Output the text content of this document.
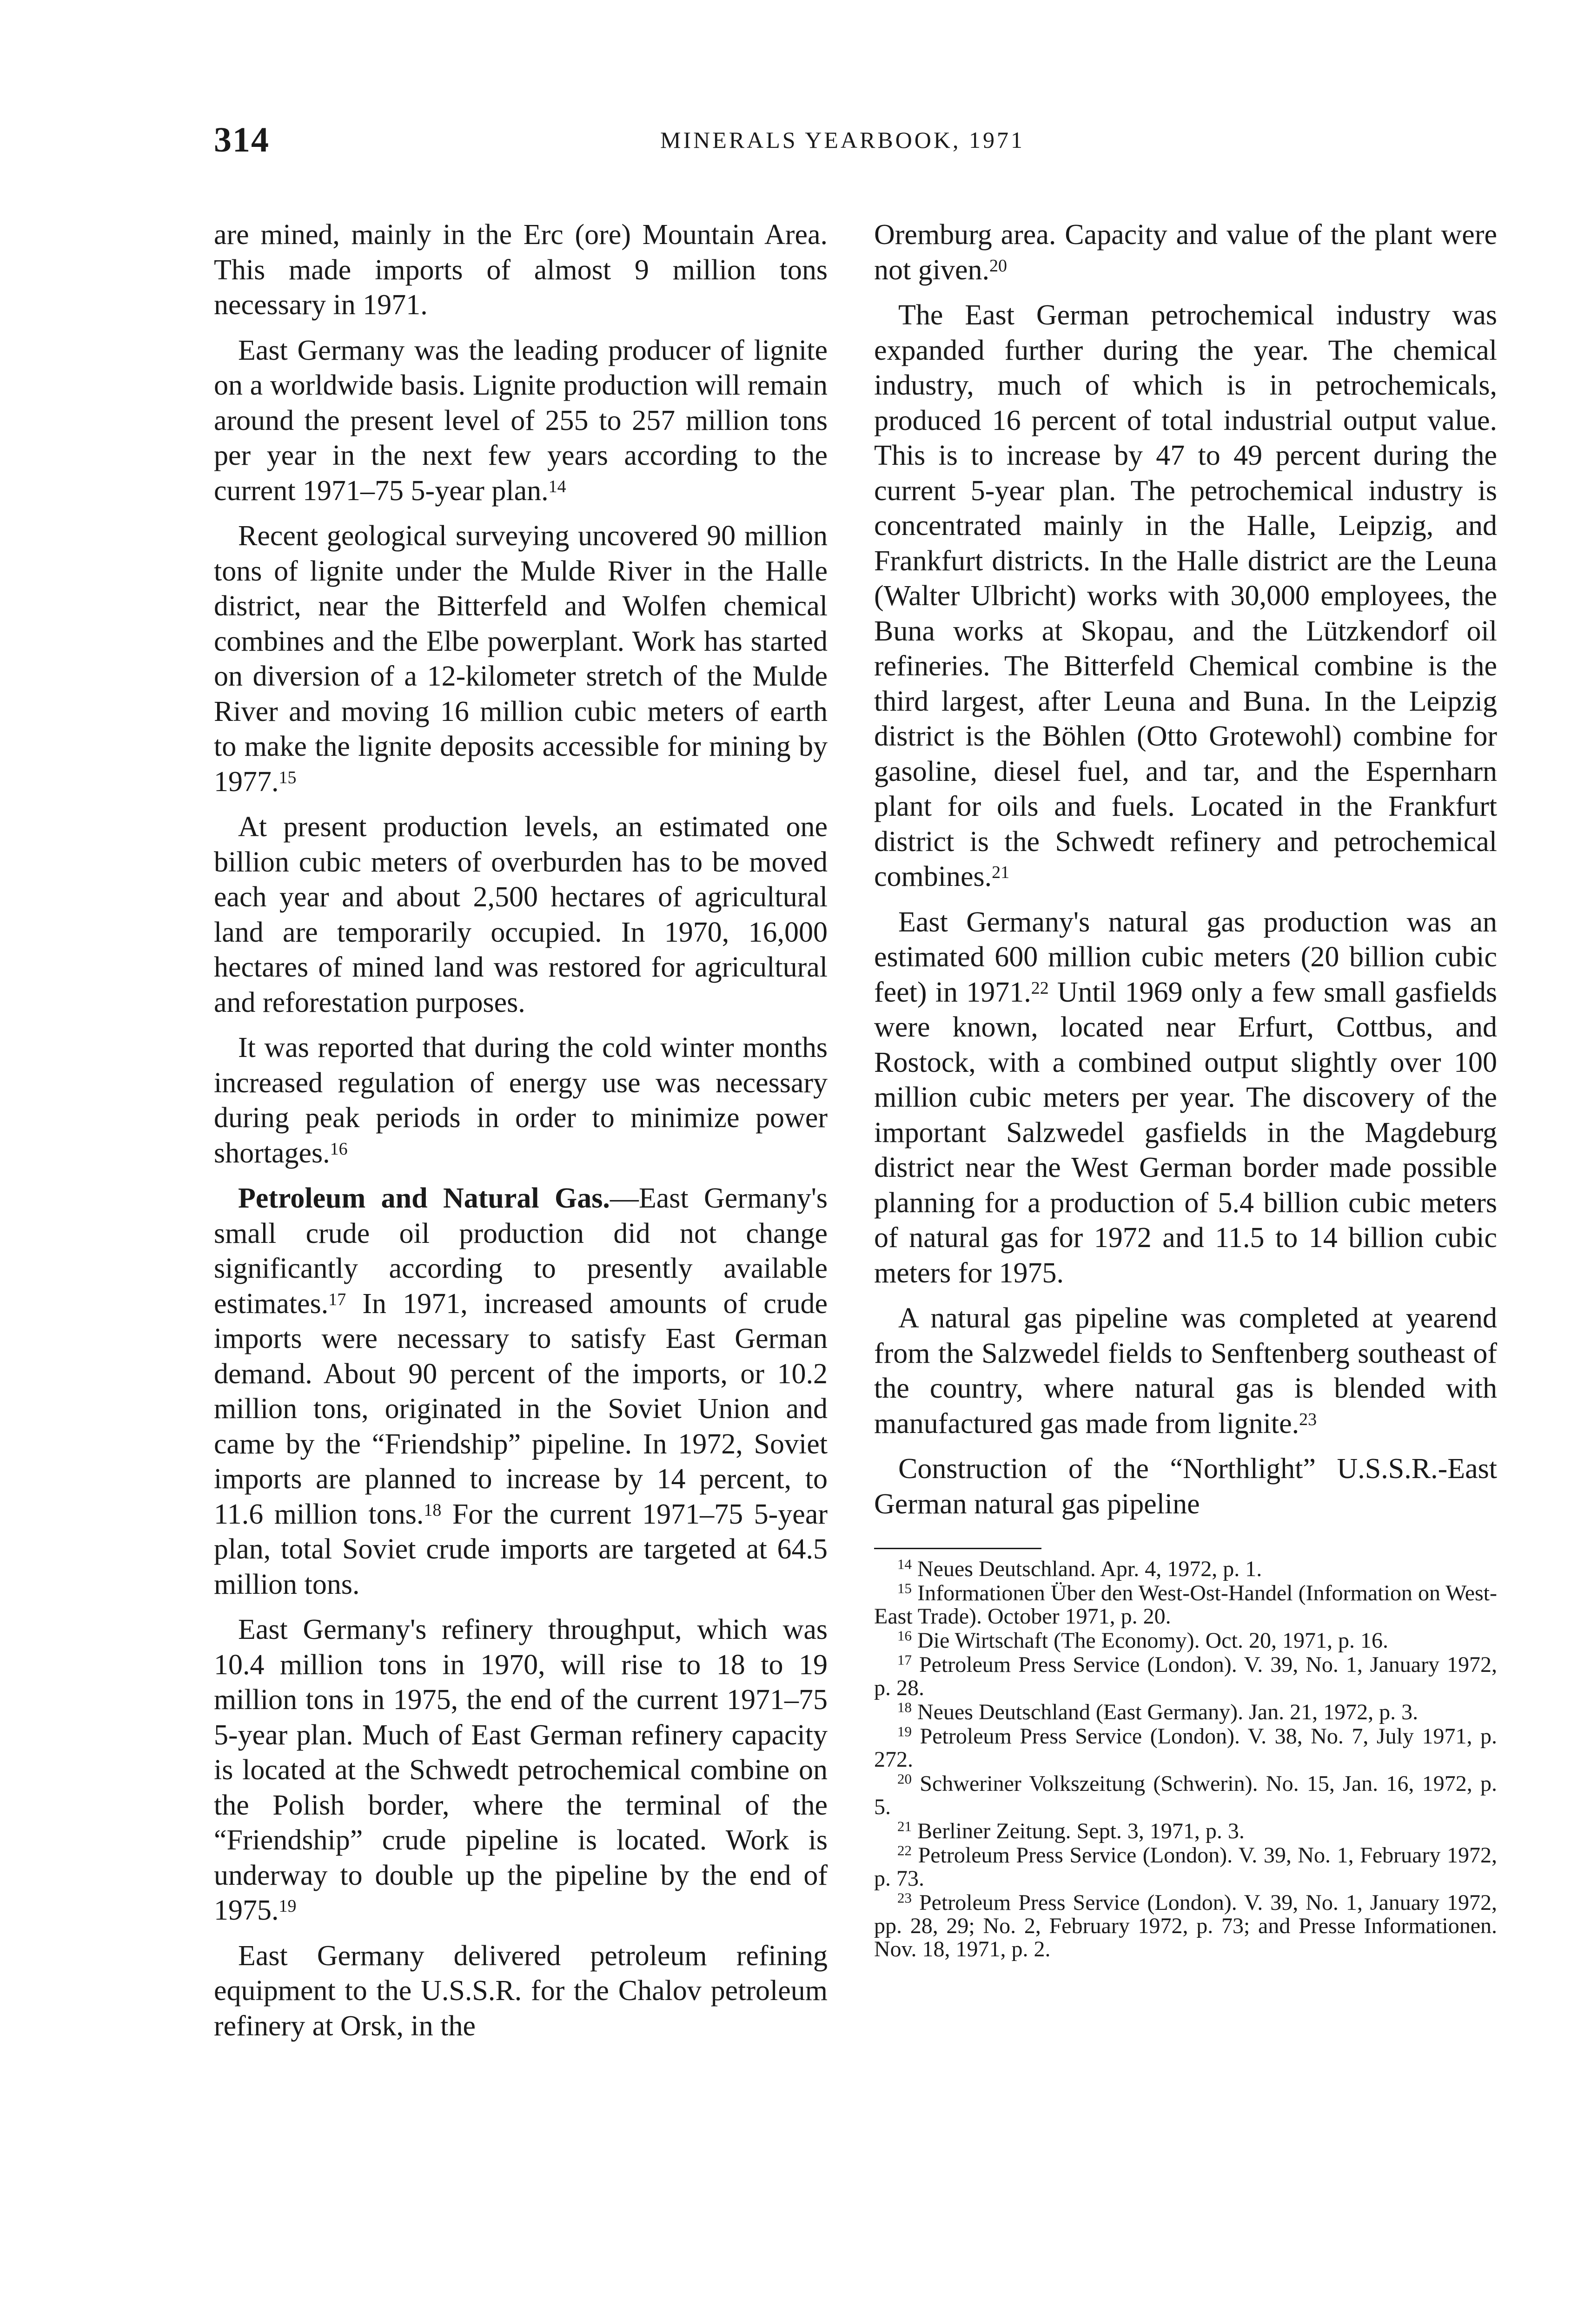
314	MINERALS YEARBOOK, 1971

are mined, mainly in the Erc (ore) Mountain Area. This made imports of almost 9 million tons necessary in 1971.

East Germany was the leading producer of lignite on a worldwide basis. Lignite production will remain around the present level of 255 to 257 million tons per year in the next few years according to the current 1971–75 5-year plan.$^{14}$

Recent geological surveying uncovered 90 million tons of lignite under the Mulde River in the Halle district, near the Bitterfeld and Wolfen chemical combines and the Elbe powerplant. Work has started on diversion of a 12-kilometer stretch of the Mulde River and moving 16 million cubic meters of earth to make the lignite deposits accessible for mining by 1977.15

At present production levels, an estimated one billion cubic meters of overburden has to be moved each year and about 2,500 hectares of agricultural land are temporarily occupied. In 1970, 16,000 hectares of mined land was restored for agricultural and reforestation purposes.

It was reported that during the cold winter months increased regulation of energy use was necessary during peak periods in order to minimize power shortages.$^{16}$

Petroleum and Natural Gas.—East Germany's small crude oil production did not change significantly according to presently available estimates.$^{17}$ In 1971, increased amounts of crude imports were necessary to satisfy East German demand. About 90 percent of the imports, or 10.2 million tons, originated in the Soviet Union and came by the “Friendship” pipeline. In 1972, Soviet imports are planned to increase by 14 percent, to 11.6 million tons.$^{18}$ For the current 1971–75 5-year plan, total Soviet crude imports are targeted at 64.5 million tons.

East Germany's refinery throughput, which was 10.4 million tons in 1970, will rise to 18 to 19 million tons in 1975, the end of the current 1971–75 5-year plan. Much of East German refinery capacity is located at the Schwedt petrochemical combine on the Polish border, where the terminal of the “Friendship” crude pipeline is located. Work is underway to double up the pipeline by the end of 1975.19

East Germany delivered petroleum refining equipment to the U.S.S.R. for the Chalov petroleum refinery at Orsk, in the

Oremburg area. Capacity and value of the plant were not given.$^{20}$

The East German petrochemical industry was expanded further during the year. The chemical industry, much of which is in petrochemicals, produced 16 percent of total industrial output value. This is to increase by 47 to 49 percent during the current 5-year plan. The petrochemical industry is concentrated mainly in the Halle, Leipzig, and Frankfurt districts. In the Halle district are the Leuna (Walter Ulbricht) works with 30,000 employees, the Buna works at Skopau, and the Lützkendorf oil refineries. The Bitterfeld Chemical combine is the third largest, after Leuna and Buna. In the Leipzig district is the Böhlen (Otto Grotewohl) combine for gasoline, diesel fuel, and tar, and the Espernharn plant for oils and fuels. Located in the Frankfurt district is the Schwedt refinery and petrochemical combines.$^{21}$

East Germany's natural gas production was an estimated 600 million cubic meters (20 billion cubic feet) in 1971.22 Until 1969 only a few small gasfields were known, located near Erfurt, Cottbus, and Rostock, with a combined output slightly over 100 million cubic meters per year. The discovery of the important Salzwedel gasfields in the Magdeburg district near the West German border made possible planning for a production of 5.4 billion cubic meters of natural gas for 1972 and 11.5 to 14 billion cubic meters for 1975.

A natural gas pipeline was completed at yearend from the Salzwedel fields to Senftenberg southeast of the country, where natural gas is blended with manufactured gas made from lignite.$^{23}$

Construction of the “Northlight” U.S.S.R.-East German natural gas pipeline

$^{14}$ Neues Deutschland. Apr. 4, 1972, p. 1.
$^{15}$ Informationen Über den West-Ost-Handel (Information on West-East Trade). October 1971, p. 20.
$^{16}$ Die Wirtschaft (The Economy). Oct. 20, 1971, p. 16.
$^{17}$ Petroleum Press Service (London). V. 39, No. 1, January 1972, p. 28.
$^{18}$ Neues Deutschland (East Germany). Jan. 21, 1972, p. 3.
$^{19}$ Petroleum Press Service (London). V. 38, No. 7, July 1971, p. 272.
$^{20}$ Schweriner Volkszeitung (Schwerin). No. 15, Jan. 16, 1972, p. 5.
$^{21}$ Berliner Zeitung. Sept. 3, 1971, p. 3.
$^{22}$ Petroleum Press Service (London). V. 39, No. 1, February 1972, p. 73.
$^{23}$ Petroleum Press Service (London). V. 39, No. 1, January 1972, pp. 28, 29; No. 2, February 1972, p. 73; and Presse Informationen. Nov. 18, 1971, p. 2.
